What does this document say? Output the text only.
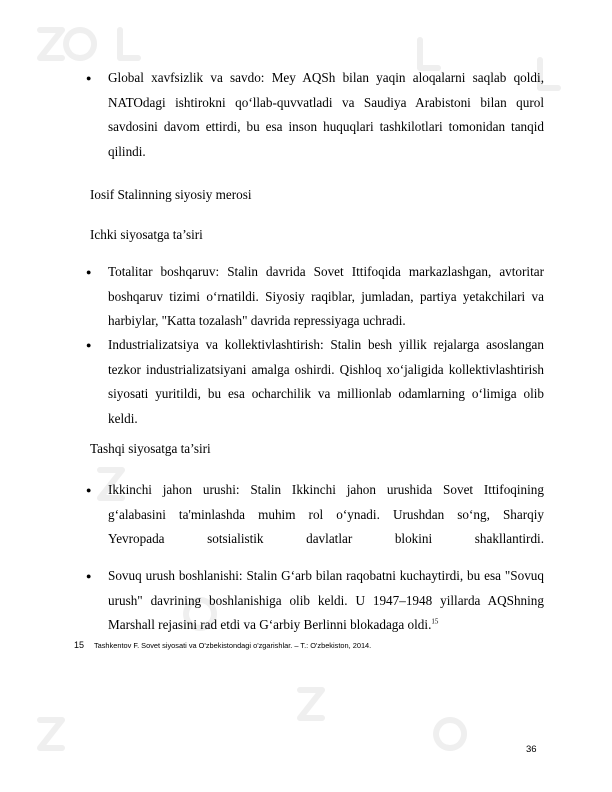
● Global xavfsizlik va savdo: Mey AQSh bilan yaqin aloqalarni saqlab qoldi, NATOdagi ishtirokni qo‘llab-quvvatladi va Saudiya Arabistoni bilan qurol savdosini davom ettirdi, bu esa inson huquqlari tashkilotlari tomonidan tanqid qilindi.
Iosif Stalinning siyosiy merosi
Ichki siyosatga ta’siri
● Totalitar boshqaruv: Stalin davrida Sovet Ittifoqida markazlashgan, avtoritar boshqaruv tizimi o‘rnatildi. Siyosiy raqiblar, jumladan, partiya yetakchilari va harbiylar, "Katta tozalash" davrida repressiyaga uchradi.
● Industrializatsiya va kollektivlashtirish: Stalin besh yillik rejalarga asoslangan tezkor industrializatsiyani amalga oshirdi. Qishloq xo‘jaligida kollektivlashtirish siyosati yuritildi, bu esa ocharchilik va millionlab odamlarning o‘limiga olib keldi.
Tashqi siyosatga ta’siri
● Ikkinchi jahon urushi: Stalin Ikkinchi jahon urushida Sovet Ittifoqining
g‘alabasini ta'minlashda muhim rol o‘ynadi. Urushdan so‘ng, Sharqiy
Yevropada sotsialistik davlatlar blokini shakllantirdi.
● Sovuq urush boshlanishi: Stalin G‘arb bilan raqobatni kuchaytirdi, bu esa "Sovuq urush" davrining boshlanishiga olib keldi. U 1947–1948 yillarda AQShning Marshall rejasini rad etdi va G‘arbiy Berlinni blokadaga oldi.$^{15}$
15 Tashkentov F. Sovet siyosati va O'zbekistondagi o'zgarishlar. – T.: O'zbekiston, 2014.
36
